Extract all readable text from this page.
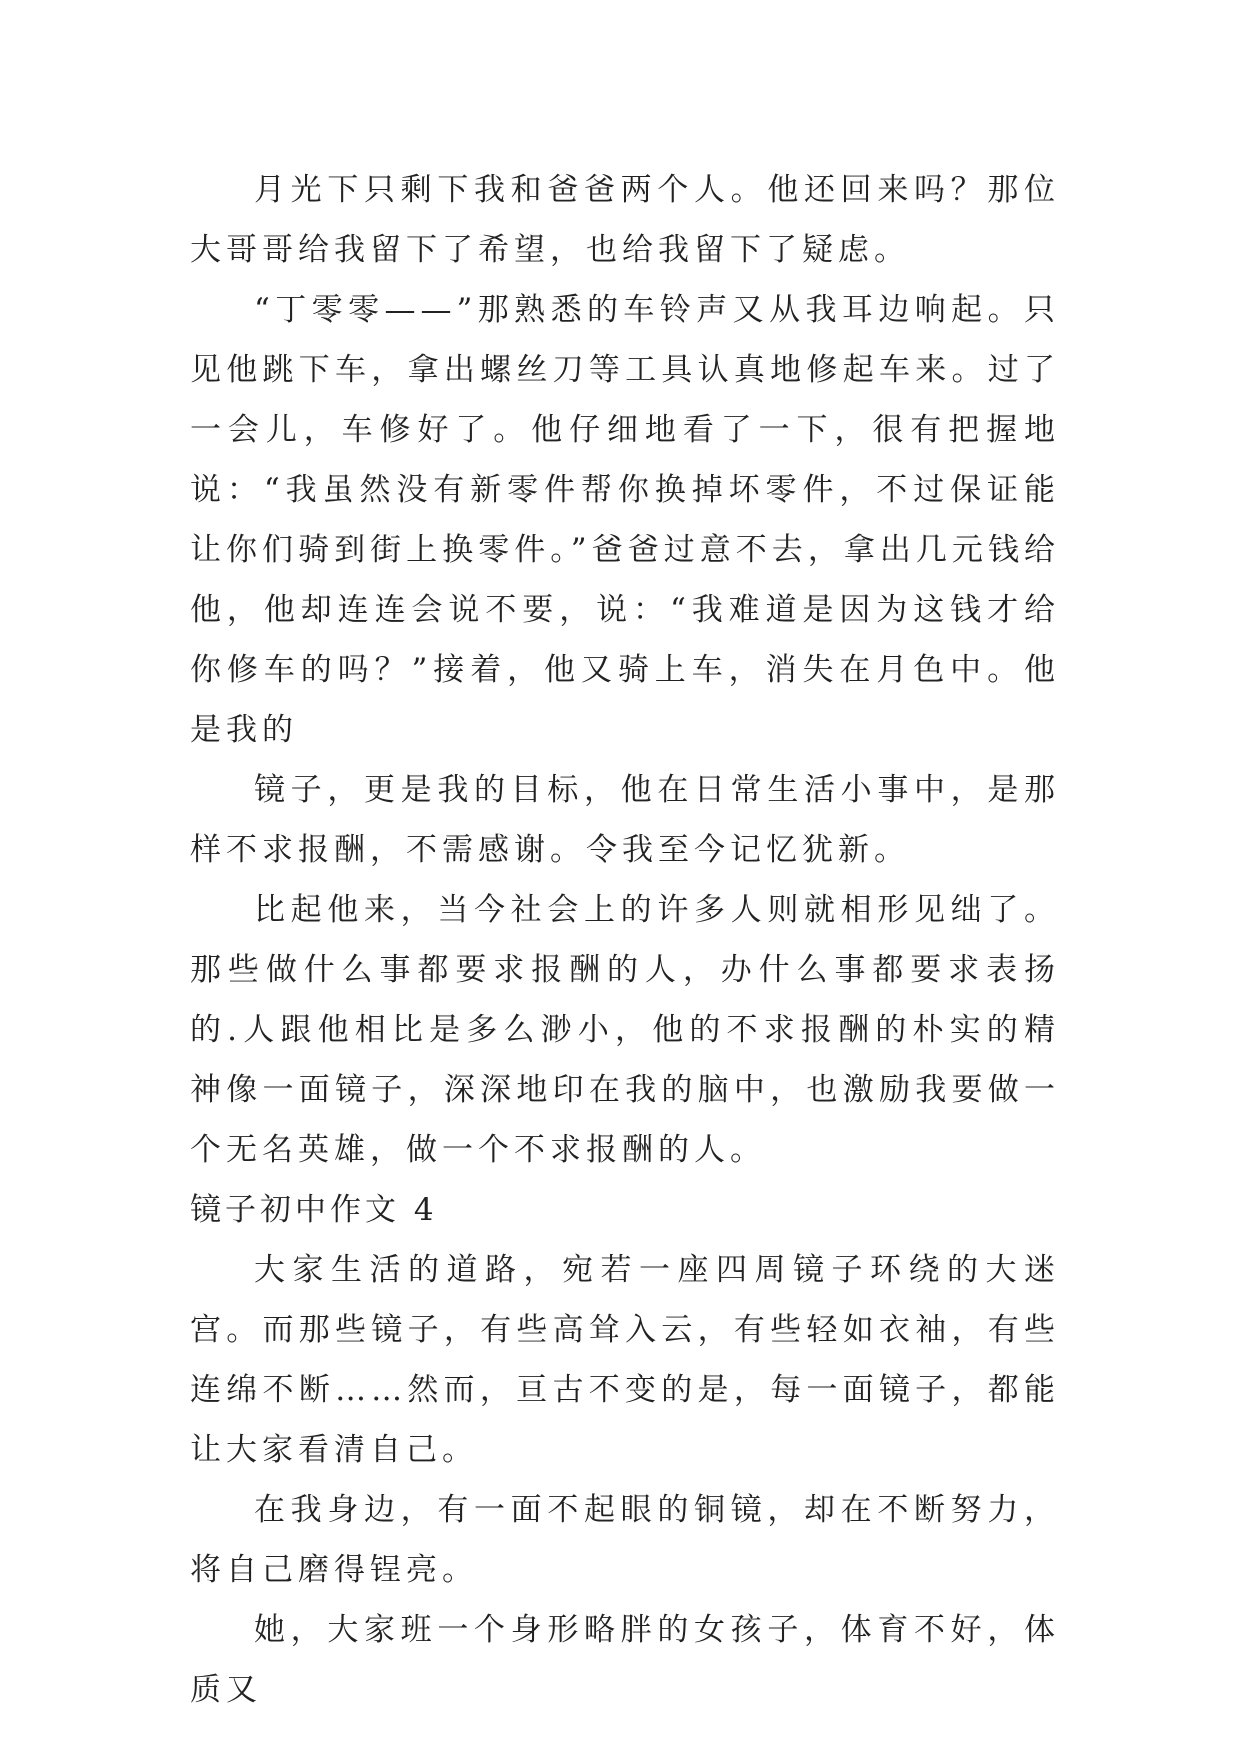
月光下只剩下我和爸爸两个人。他还回来吗？那位大哥哥给我留下了希望，也给我留下了疑虑。

“丁零零——”那熟悉的车铃声又从我耳边响起。只见他跳下车，拿出螺丝刀等工具认真地修起车来。过了一会儿，车修好了。他仔细地看了一下，很有把握地说：“我虽然没有新零件帮你换掉坏零件，不过保证能让你们骑到街上换零件。”爸爸过意不去，拿出几元钱给他，他却连连会说不要，说：“我难道是因为这钱才给你修车的吗？”接着，他又骑上车，消失在月色中。他是我的

镜子，更是我的目标，他在日常生活小事中，是那样不求报酬，不需感谢。令我至今记忆犹新。

比起他来，当今社会上的许多人则就相形见绌了。那些做什么事都要求报酬的人，办什么事都要求表扬的.人跟他相比是多么渺小，他的不求报酬的朴实的精神像一面镜子，深深地印在我的脑中，也激励我要做一个无名英雄，做一个不求报酬的人。

镜子初中作文 4

大家生活的道路，宛若一座四周镜子环绕的大迷宫。而那些镜子，有些高耸入云，有些轻如衣袖，有些连绵不断……然而，亘古不变的是，每一面镜子，都能让大家看清自己。

在我身边，有一面不起眼的铜镜，却在不断努力，将自己磨得锃亮。

她，大家班一个身形略胖的女孩子，体育不好，体质又
